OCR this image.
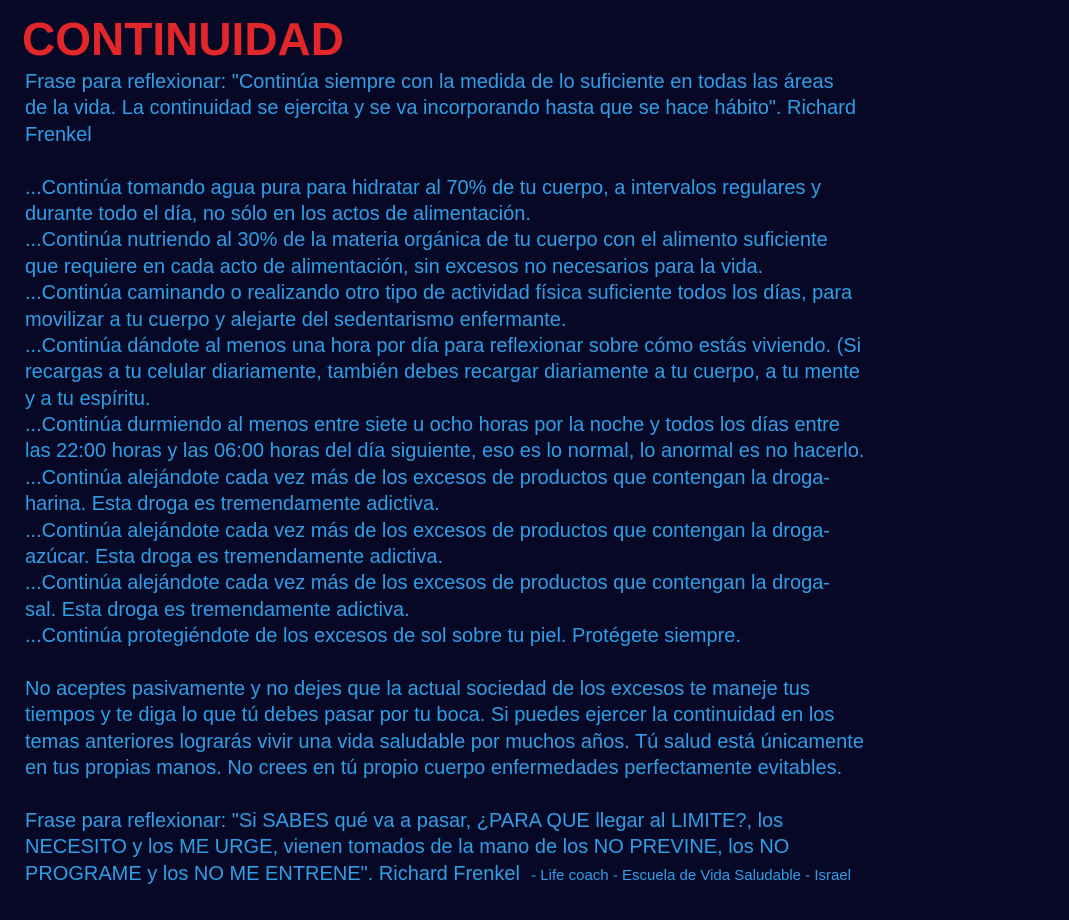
CONTINUIDAD
Frase para reflexionar: "Continúa siempre con la medida de lo suficiente en todas las áreas
de la vida. La continuidad se ejercita y se va incorporando hasta que se hace hábito". Richard
Frenkel
...Continúa tomando agua pura para hidratar al 70% de tu cuerpo, a intervalos regulares y
durante todo el día, no sólo en los actos de alimentación.
...Continúa nutriendo al 30% de la materia orgánica de tu cuerpo con el alimento suficiente
que requiere en cada acto de alimentación, sin excesos no necesarios para la vida.
...Continúa caminando o realizando otro tipo de actividad física suficiente todos los días, para
movilizar a tu cuerpo y alejarte del sedentarismo enfermante.
...Continúa dándote al menos una hora por día para reflexionar sobre cómo estás viviendo. (Si
recargas a tu celular diariamente, también debes recargar diariamente a tu cuerpo, a tu mente
y a tu espíritu.
...Continúa durmiendo al menos entre siete u ocho horas por la noche y todos los días entre
las 22:00 horas y las 06:00 horas del día siguiente, eso es lo normal, lo anormal es no hacerlo.
...Continúa alejándote cada vez más de los excesos de productos que contengan la droga-
harina. Esta droga es tremendamente adictiva.
...Continúa alejándote cada vez más de los excesos de productos que contengan la droga-
azúcar. Esta droga es tremendamente adictiva.
...Continúa alejándote cada vez más de los excesos de productos que contengan la droga-
sal. Esta droga es tremendamente adictiva.
...Continúa protegiéndote de los excesos de sol sobre tu piel. Protégete siempre.
No aceptes pasivamente y no dejes que la actual sociedad de los excesos te maneje tus
tiempos y te diga lo que tú debes pasar por tu boca. Si puedes ejercer la continuidad en los
temas anteriores lograrás vivir una vida saludable por muchos años. Tú salud está únicamente
en tus propias manos. No crees en tú propio cuerpo enfermedades perfectamente evitables.
Frase para reflexionar: "Si SABES qué va a pasar, ¿PARA QUE llegar al LIMITE?, los
NECESITO y los ME URGE, vienen tomados de la mano de los NO PREVINE, los NO
PROGRAME y los NO ME ENTRENE". Richard Frenkel - Life coach - Escuela de Vida Saludable - Israel
